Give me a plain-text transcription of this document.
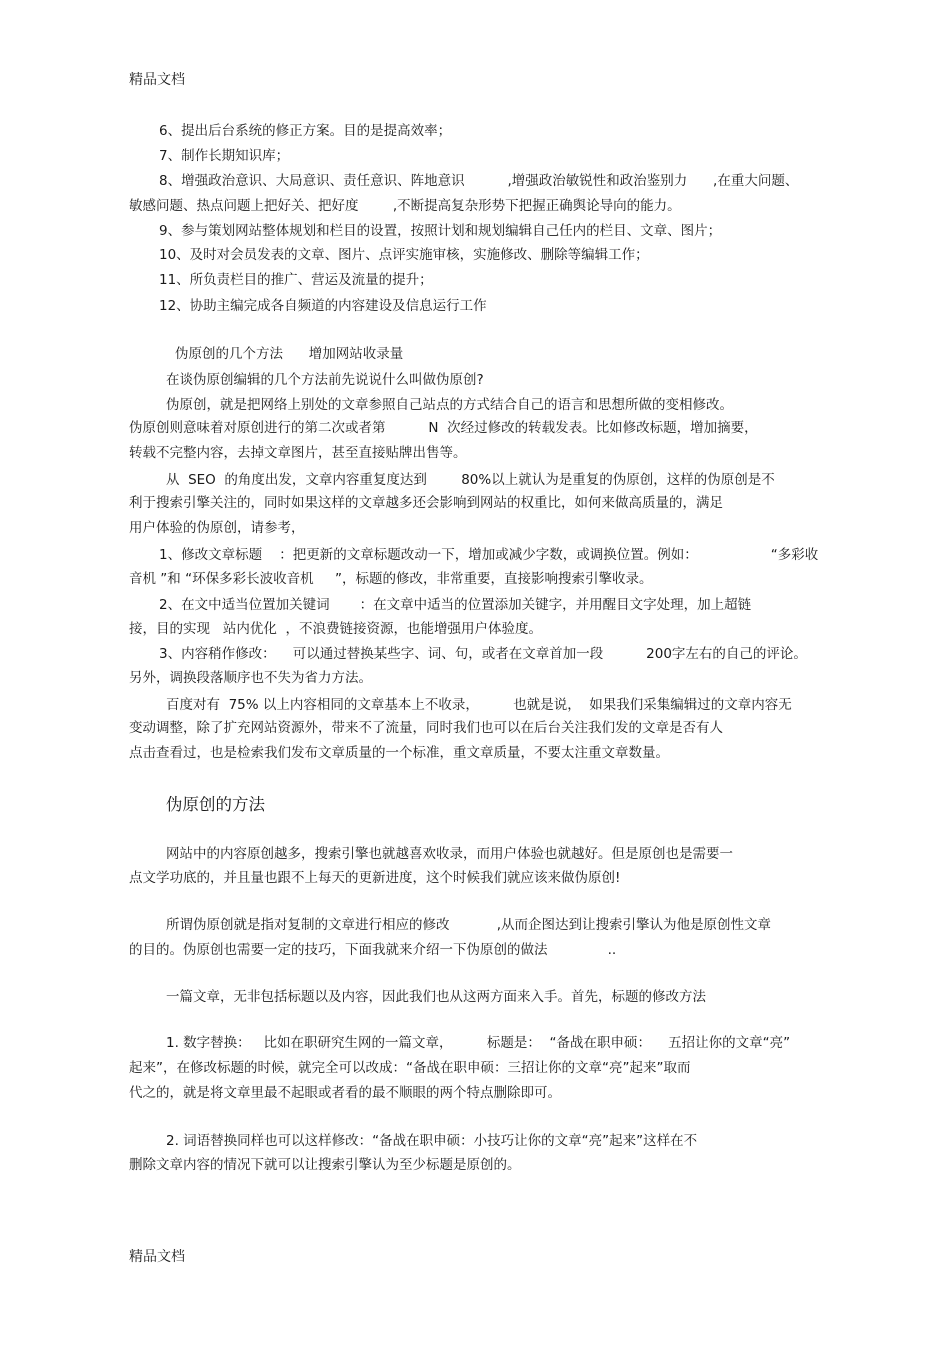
精品文档
6、提出后台系统的修正方案。目的是提高效率；
7、制作长期知识库；
8、增强政治意识、大局意识、责任意识、阵地意识          ,增强政治敏锐性和政治鉴别力      ,在重大问题、
敏感问题、热点问题上把好关、把好度        ,不断提高复杂形势下把握正确舆论导向的能力。
9、参与策划网站整体规划和栏目的设置，按照计划和规划编辑自己任内的栏目、文章、图片；
10、及时对会员发表的文章、图片、点评实施审核，实施修改、删除等编辑工作；
11、所负责栏目的推广、营运及流量的提升；
12、协助主编完成各自频道的内容建设及信息运行工作
伪原创的几个方法      增加网站收录量
在谈伪原创编辑的几个方法前先说说什么叫做伪原创?
伪原创，就是把网络上别处的文章参照自己站点的方式结合自己的语言和思想所做的变相修改。
伪原创则意味着对原创进行的第二次或者第          N  次经过修改的转载发表。比如修改标题，增加摘要，
转载不完整内容，去掉文章图片，甚至直接贴牌出售等。
从  SEO  的角度出发，文章内容重复度达到        80%以上就认为是重复的伪原创，这样的伪原创是不
利于搜索引擎关注的，同时如果这样的文章越多还会影响到网站的权重比，如何来做高质量的，满足
用户体验的伪原创，请参考，
1、修改文章标题    ：把更新的文章标题改动一下，增加或减少字数，或调换位置。例如：                 “多彩收
音机 ”和 “环保多彩长波收音机     ”，标题的修改，非常重要，直接影响搜索引擎收录。
2、在文中适当位置加关键词       ：在文章中适当的位置添加关键字，并用醒目文字处理，加上超链
接，目的实现   站内优化  ，不浪费链接资源，也能增强用户体验度。
3、内容稍作修改：    可以通过替换某些字、词、句，或者在文章首加一段          200字左右的自己的评论。
另外，调换段落顺序也不失为省力方法。
百度对有  75% 以上内容相同的文章基本上不收录，        也就是说，  如果我们采集编辑过的文章内容无
变动调整，除了扩充网站资源外，带来不了流量，同时我们也可以在后台关注我们发的文章是否有人
点击查看过，也是检索我们发布文章质量的一个标准，重文章质量，不要太注重文章数量。
伪原创的方法
网站中的内容原创越多，搜索引擎也就越喜欢收录，而用户体验也就越好。但是原创也是需要一
点文学功底的，并且量也跟不上每天的更新进度，这个时候我们就应该来做伪原创!
所谓伪原创就是指对复制的文章进行相应的修改           ,从而企图达到让搜索引擎认为他是原创性文章
的目的。伪原创也需要一定的技巧，下面我就来介绍一下伪原创的做法              ..
一篇文章，无非包括标题以及内容，因此我们也从这两方面来入手。首先，标题的修改方法
1. 数字替换：   比如在职研究生网的一篇文章，        标题是：  “备战在职申硕：    五招让你的文章“亮”
起来”，在修改标题的时候，就完全可以改成：“备战在职申硕：三招让你的文章“亮”起来”取而
代之的，就是将文章里最不起眼或者看的最不顺眼的两个特点删除即可。
2. 词语替换同样也可以这样修改：“备战在职申硕：小技巧让你的文章“亮”起来”这样在不
删除文章内容的情况下就可以让搜索引擎认为至少标题是原创的。
精品文档
